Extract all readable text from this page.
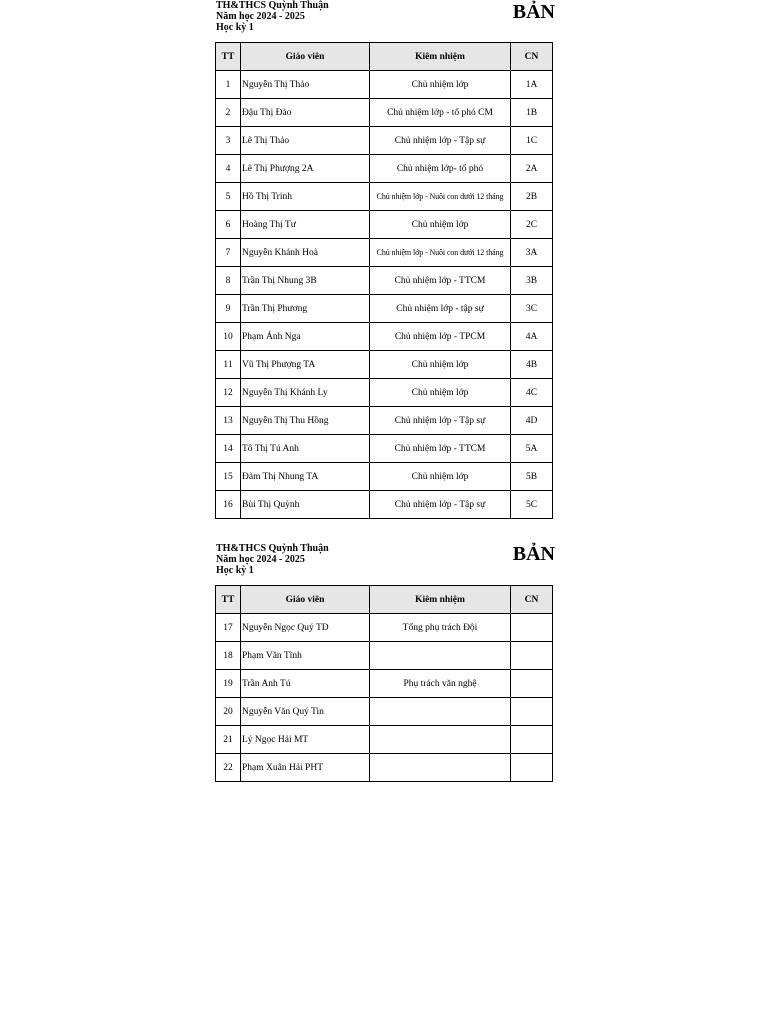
TH&THCS Quỳnh Thuận
Năm học 2024 - 2025
Học kỳ 1
BẢN
TT	Giáo viên	Kiêm nhiệm	CN
1	Nguyễn Thị Thảo	Chủ nhiệm lớp	1A
2	Đậu Thị Đào	Chủ nhiệm lớp - tổ phó CM	1B
3	Lê Thị Thảo	Chủ nhiệm lớp - Tập sự	1C
4	Lê Thị Phượng 2A	Chủ nhiệm lớp- tổ phó	2A
5	Hồ Thị Trinh	Chủ nhiệm lớp - Nuôi con dưới 12 tháng	2B
6	Hoàng Thị Tư	Chủ nhiệm lớp	2C
7	Nguyễn Khánh Hoà	Chủ nhiệm lớp - Nuôi con dưới 12 tháng	3A
8	Trần Thị Nhung 3B	Chủ nhiệm lớp - TTCM	3B
9	Trần Thị Phương	Chủ nhiệm lớp - tập sự	3C
10	Phạm Ánh Nga	Chủ nhiệm lớp - TPCM	4A
11	Vũ Thị Phượng TA	Chủ nhiệm lớp	4B
12	Nguyễn Thị Khánh Ly	Chủ nhiệm lớp	4C
13	Nguyễn Thị Thu Hồng	Chủ nhiệm lớp - Tập sự	4D
14	Tô Thị Tú Anh	Chủ nhiệm lớp - TTCM	5A
15	Đàm Thị Nhung TA	Chủ nhiệm lớp	5B
16	Bùi Thị Quỳnh	Chủ nhiệm lớp - Tập sự	5C
TH&THCS Quỳnh Thuận
Năm học 2024 - 2025
Học kỳ 1
BẢN
TT	Giáo viên	Kiêm nhiệm	CN
17	Nguyễn Ngọc Quý TD	Tổng phụ trách Đội	
18	Phạm Văn Tĩnh		
19	Trần Anh Tú	Phụ trách văn nghệ	
20	Nguyễn Văn Quý Tin		
21	Lý Ngọc Hải MT		
22	Phạm Xuân Hải PHT		
